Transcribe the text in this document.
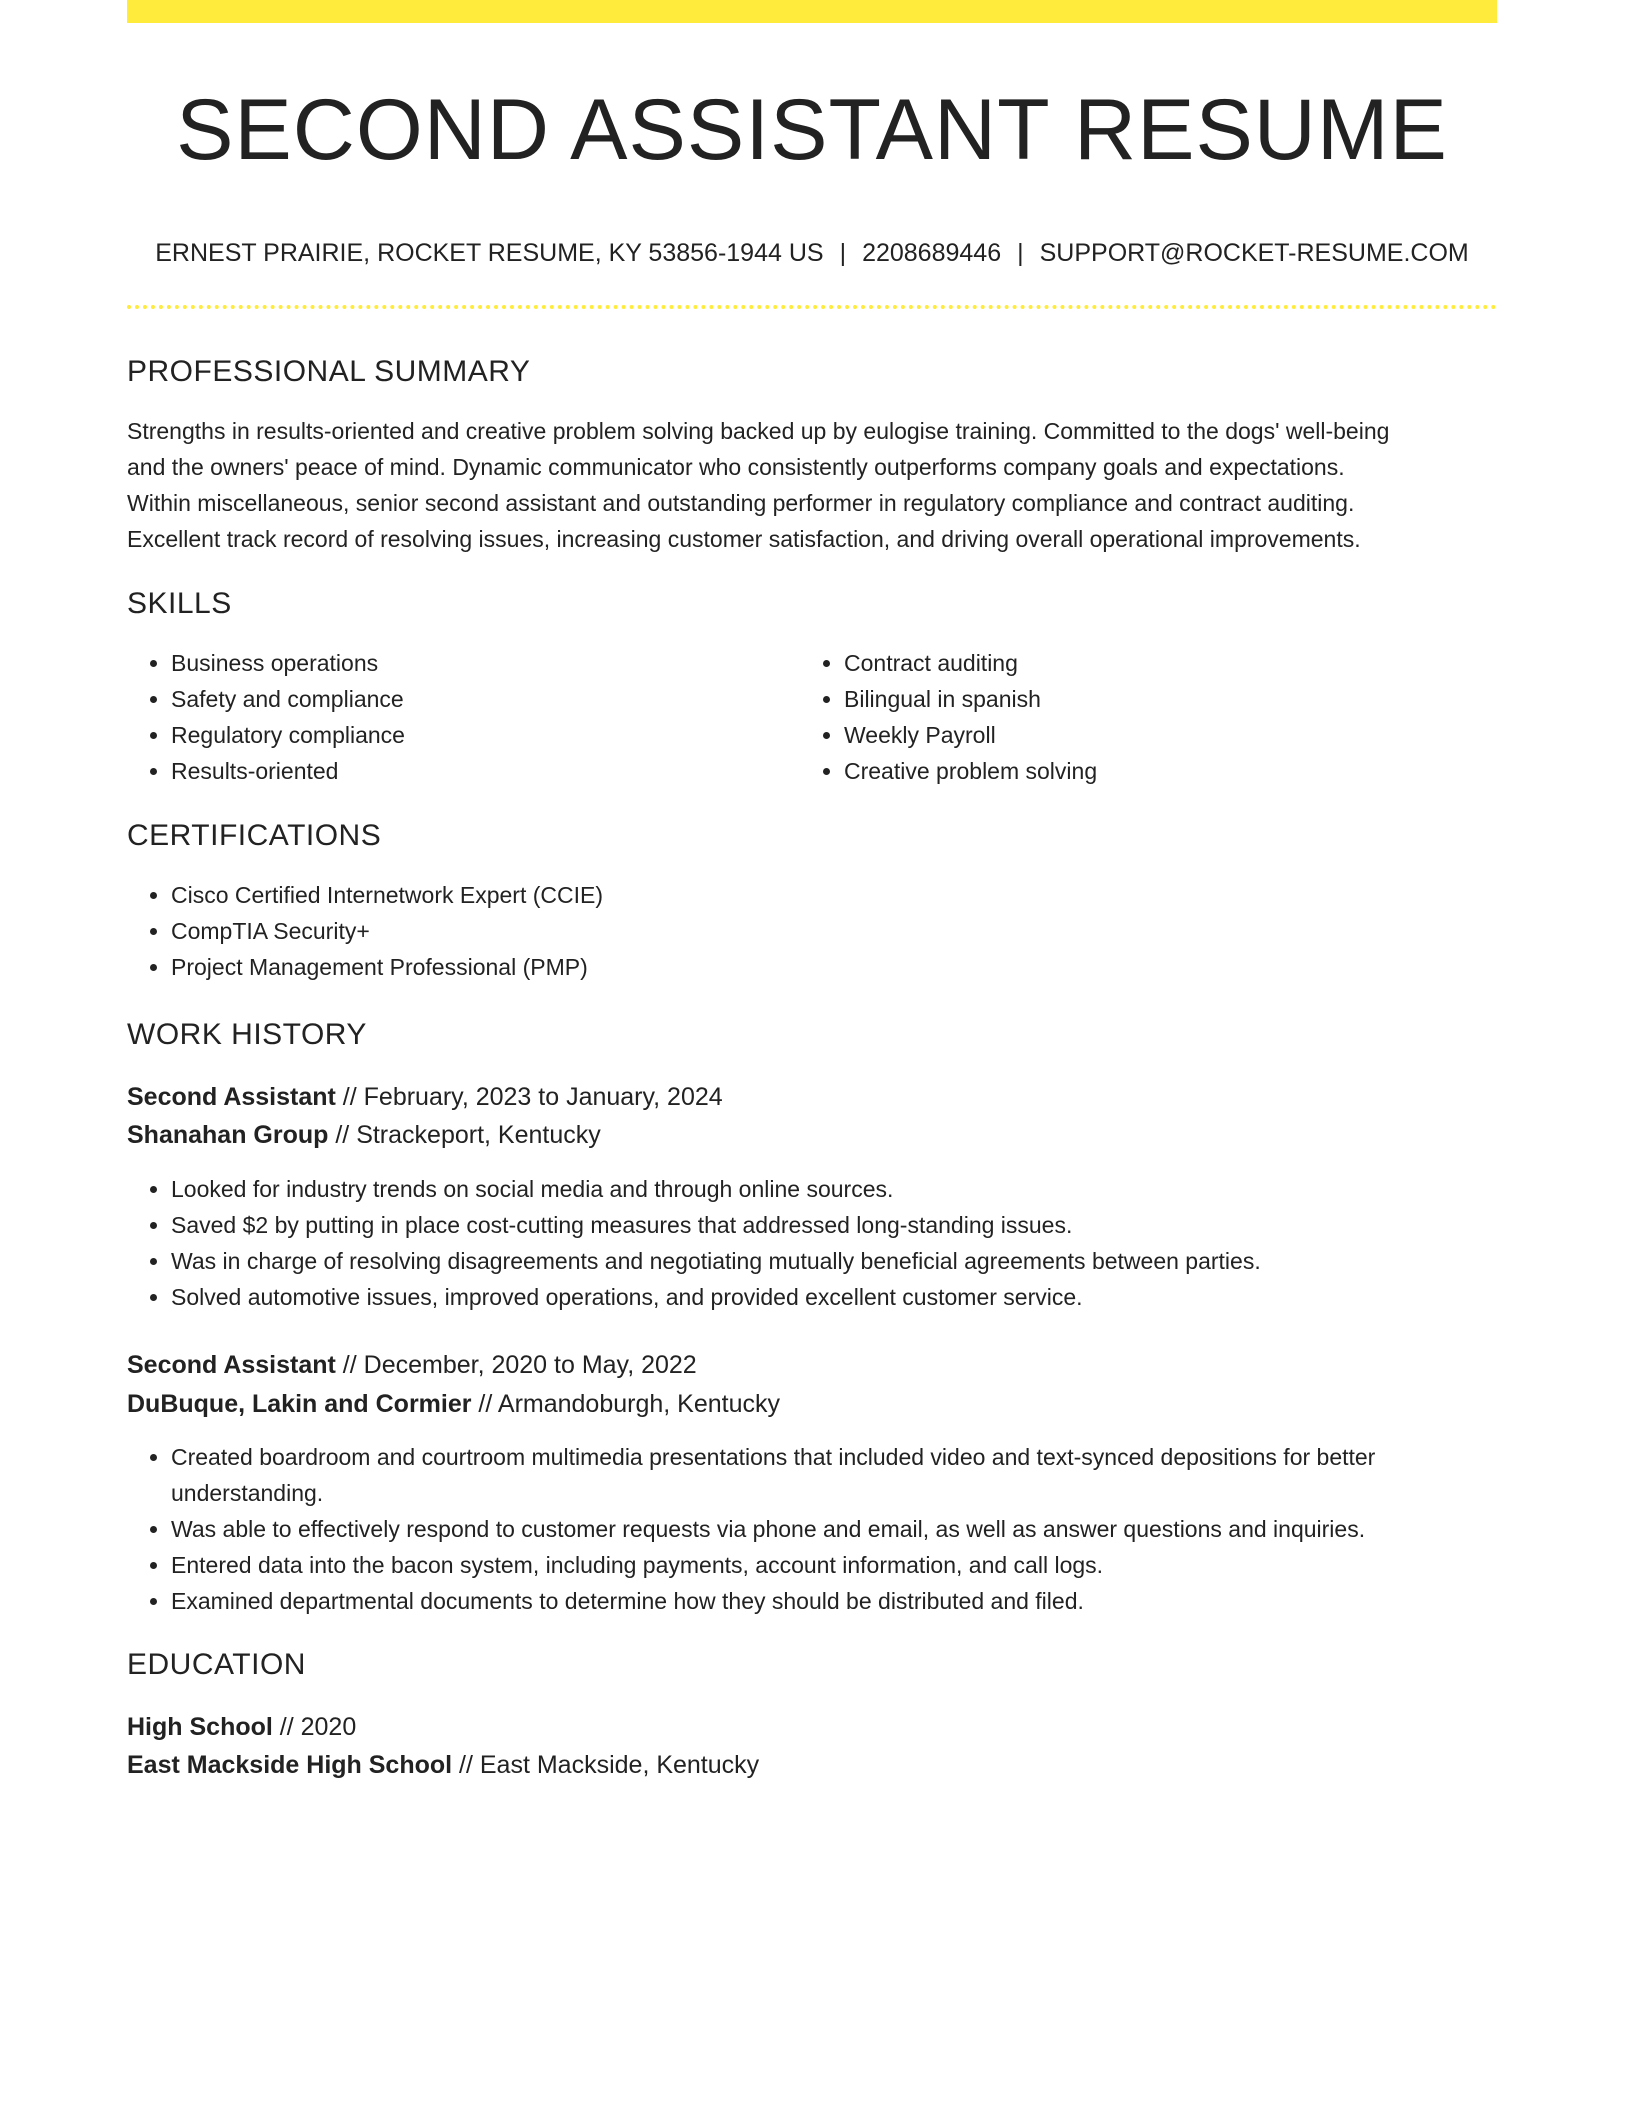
SECOND ASSISTANT RESUME
ERNEST PRAIRIE, ROCKET RESUME, KY 53856-1944 US | 2208689446 | SUPPORT@ROCKET-RESUME.COM
PROFESSIONAL SUMMARY
Strengths in results-oriented and creative problem solving backed up by eulogise training. Committed to the dogs' well-being
and the owners' peace of mind. Dynamic communicator who consistently outperforms company goals and expectations.
Within miscellaneous, senior second assistant and outstanding performer in regulatory compliance and contract auditing.
Excellent track record of resolving issues, increasing customer satisfaction, and driving overall operational improvements.
SKILLS
• Business operations
• Safety and compliance
• Regulatory compliance
• Results-oriented
• Contract auditing
• Bilingual in spanish
• Weekly Payroll
• Creative problem solving
CERTIFICATIONS
• Cisco Certified Internetwork Expert (CCIE)
• CompTIA Security+
• Project Management Professional (PMP)
WORK HISTORY
Second Assistant // February, 2023 to January, 2024
Shanahan Group // Strackeport, Kentucky
• Looked for industry trends on social media and through online sources.
• Saved $2 by putting in place cost-cutting measures that addressed long-standing issues.
• Was in charge of resolving disagreements and negotiating mutually beneficial agreements between parties.
• Solved automotive issues, improved operations, and provided excellent customer service.
Second Assistant // December, 2020 to May, 2022
DuBuque, Lakin and Cormier // Armandoburgh, Kentucky
• Created boardroom and courtroom multimedia presentations that included video and text-synced depositions for better
understanding.
• Was able to effectively respond to customer requests via phone and email, as well as answer questions and inquiries.
• Entered data into the bacon system, including payments, account information, and call logs.
• Examined departmental documents to determine how they should be distributed and filed.
EDUCATION
High School // 2020
East Mackside High School // East Mackside, Kentucky
